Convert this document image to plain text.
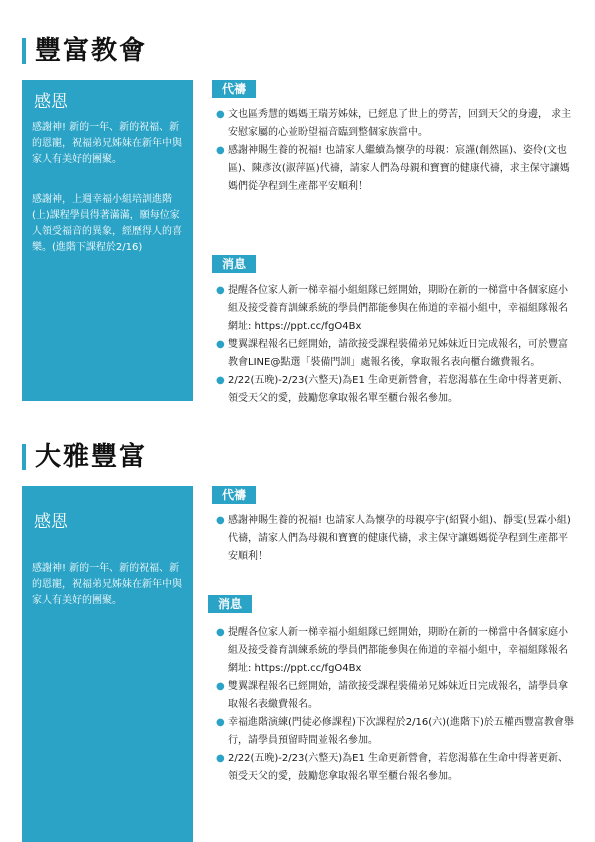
豐富教會
感恩
感謝神! 新的一年、新的祝福、新的恩寵，祝福弟兄姊妹在新年中與家人有美好的團聚。
感謝神，上週幸福小組培訓進階(上)課程學員得著滿滿，願每位家人領受福音的異象，經歷得人的喜樂。(進階下課程於2/16)
代禱
● 文也區秀慧的媽媽王瑞芳姊妹，已經息了世上的勞苦，回到天父的身邊， 求主安慰家屬的心並盼望福音臨到整個家族當中。
● 感謝神賜生養的祝福! 也請家人繼續為懷孕的母親：宸謹(創然區)、姿伶(文也區)、陳彥汝(淑萍區)代禱，請家人們為母親和寶寶的健康代禱，求主保守讓媽媽們從孕程到生產都平安順利！
消息
● 提醒各位家人新一梯幸福小組組隊已經開始，期盼在新的一梯當中各個家庭小組及接受養育訓練系統的學員們都能參與在佈道的幸福小組中，幸福組隊報名網址: https://ppt.cc/fgO4Bx
● 雙翼課程報名已經開始，請欲接受課程裝備弟兄姊妹近日完成報名，可於豐富教會LINE@點選「裝備門訓」處報名後，拿取報名表向櫃台繳費報名。
● 2/22(五晚)-2/23(六整天)為E1 生命更新營會，若您渴慕在生命中得著更新、領受天父的愛，鼓勵您拿取報名單至櫃台報名參加。
大雅豐富
感恩
感謝神! 新的一年、新的祝福、新的恩寵，祝福弟兄姊妹在新年中與家人有美好的團聚。
代禱
● 感謝神賜生養的祝福! 也請家人為懷孕的母親亭宇(紹賢小組)、靜雯(昱霖小組)代禱，請家人們為母親和寶寶的健康代禱，求主保守讓媽媽從孕程到生產都平安順利！
消息
● 提醒各位家人新一梯幸福小組組隊已經開始，期盼在新的一梯當中各個家庭小組及接受養育訓練系統的學員們都能參與在佈道的幸福小組中，幸福組隊報名網址: https://ppt.cc/fgO4Bx
● 雙翼課程報名已經開始，請欲接受課程裝備弟兄姊妹近日完成報名，請學員拿取報名表繳費報名。
● 幸福進階演練(門徒必修課程)下次課程於2/16(六)(進階下)於五權西豐富教會舉行，請學員預留時間並報名參加。
● 2/22(五晚)-2/23(六整天)為E1 生命更新營會，若您渴慕在生命中得著更新、領受天父的愛，鼓勵您拿取報名單至櫃台報名參加。
